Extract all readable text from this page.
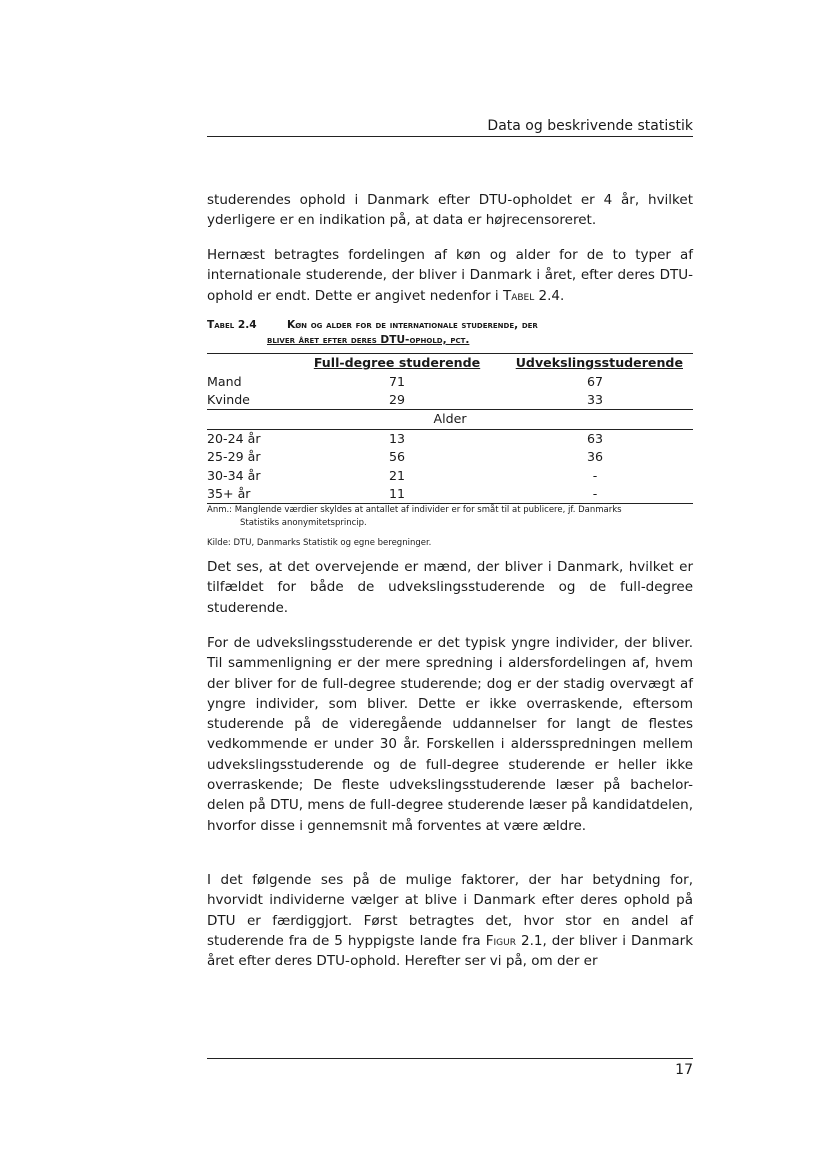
Data og beskrivende statistik

studerendes ophold i Danmark efter DTU-opholdet er 4 år, hvilket yderligere er en indikation på, at data er højrecensoreret.

Hernæst betragtes fordelingen af køn og alder for de to typer af internationale studerende, der bliver i Danmark i året, efter deres DTU-ophold er endt. Dette er angivet nedenfor i Tabel 2.4.

Tabel 2.4	Køn og alder for de internationale studerende, der
bliver året efter deres DTU-ophold, pct.
	Full-degree studerende	Udvekslingsstuderende
Mand	71	67
Kvinde	29	33
Alder		
20-24 år	13	63
25-29 år	56	36
30-34 år	21	-
35+ år	11	-

Anm.: Manglende værdier skyldes at antallet af individer er for småt til at publicere, jf. Danmarks

Statistiks anonymitetsprincip.

Kilde: DTU, Danmarks Statistik og egne beregninger.

Det ses, at det overvejende er mænd, der bliver i Danmark, hvilket er tilfældet for både de udvekslingsstuderende og de full-degree studerende.

For de udvekslingsstuderende er det typisk yngre individer, der bliver. Til sammenligning er der mere spredning i aldersfordelingen af, hvem der bliver for de full-degree studerende; dog er der stadig overvægt af yngre individer, som bliver. Dette er ikke overraskende, eftersom studerende på de videregående uddannelser for langt de flestes vedkommende er under 30 år. Forskellen i aldersspredningen mellem udvekslingsstuderende og de full-degree studerende er heller ikke overraskende; De fleste udvekslingsstuderende læser på bachelor-delen på DTU, mens de full-degree studerende læser på kandidatdelen, hvorfor disse i gennemsnit må forventes at være ældre.

I det følgende ses på de mulige faktorer, der har betydning for, hvorvidt individerne vælger at blive i Danmark efter deres ophold på DTU er færdiggjort. Først betragtes det, hvor stor en andel af studerende fra de 5 hyppigste lande fra Figur 2.1, der bliver i Danmark året efter deres DTU-ophold. Herefter ser vi på, om der er

17
